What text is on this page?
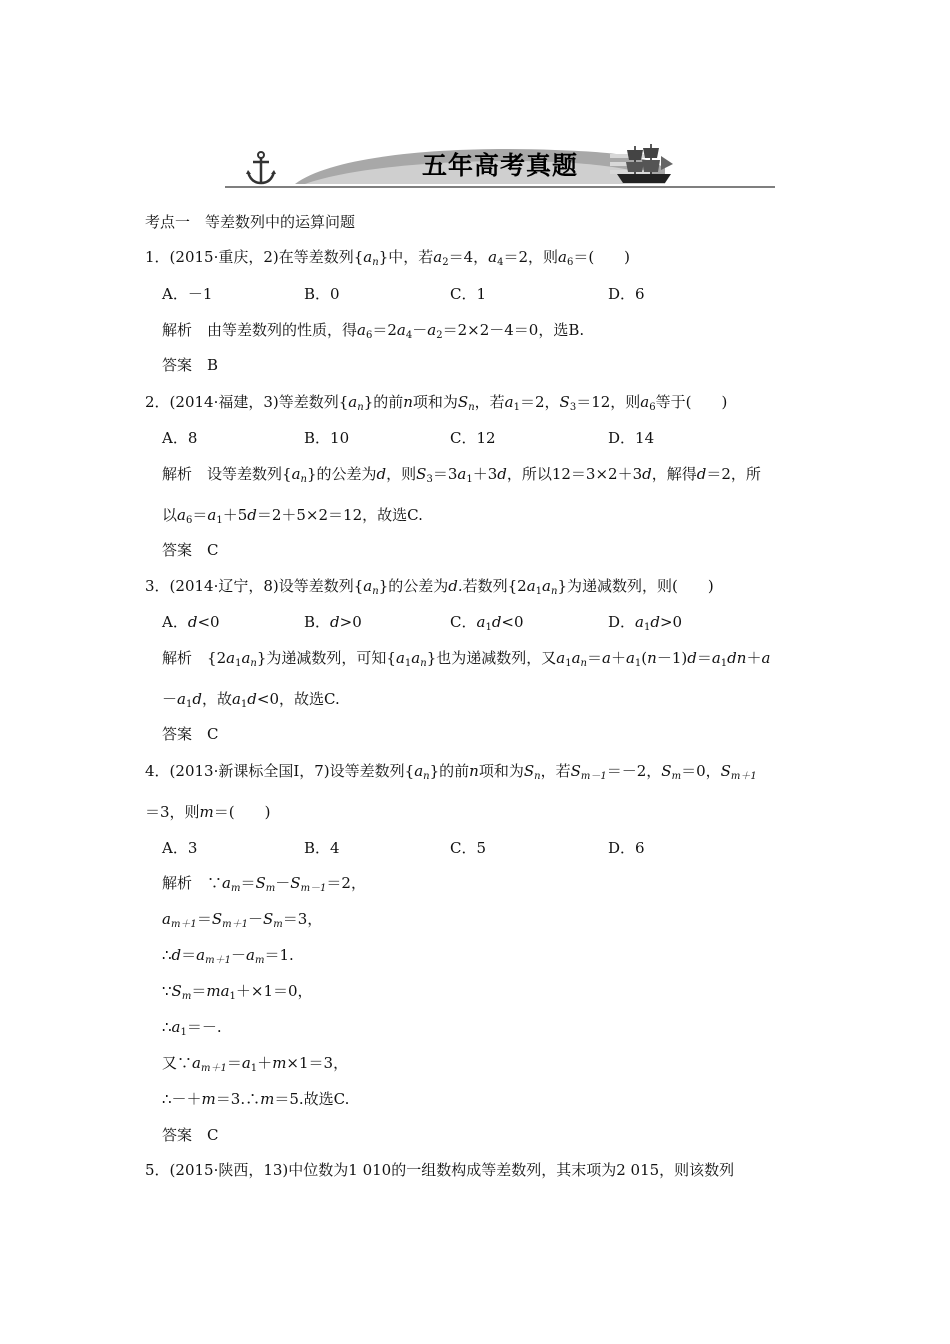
五年高考真题
考点一　等差数列中的运算问题
1．(2015·重庆，2)在等差数列$\{a_n\}$中，若$a_2=4$，$a_4=2$，则$a_6=$(　　)
A．－1	B．0	C．1	D．6
解析　 由等差数列的性质，得$a_6=2a_4-a_2=2\times 2-4=0$，选B.
答案　B
2．(2014·福建，3)等差数列$\{a_n\}$的前n项和为$S_n$，若$a_1=2$，$S_3=12$，则$a_6$等于(　　)
A．8	B．10	C．12	D．14
解析　 设等差数列$\{a_n\}$的公差为d，则$S_3=3a_1+3d$，所以12＝3×2＋3d，解得d＝2，所
以$a_6=a_1+5d=2+5\times 2=12$，故选C.
答案　C
3．(2014·辽宁，8)设等差数列$\{a_n\}$的公差为d.若数列$\{2a_1a_n\}$为递减数列，则(　　)
A．d<0	B．d>0	C．$a_1d<0$	D．$a_1d>0$
解析　 $\{2a_1a_n\}$为递减数列，可知$\{a_1a_n\}$也为递减数列，又$a_1a_n=a+a_1(n-1)d=a_1dn+a$
$-a_1d$，故$a_1d<0$，故选C.
答案　C
4．(2013·新课标全国Ⅰ，7)设等差数列$\{a_n\}$的前n项和为$S_n$，若$S_{m-1}=-2$，$S_m=0$，$S_{m+1}$
＝3，则m＝(　　)
A．3	B．4	C．5	D．6
解析　 $\because a_m=S_m-S_{m-1}=2$，
$a_{m+1}=S_{m+1}-S_m=3$，
$\therefore d=a_{m+1}-a_m=1$.
$\because S_m=ma_1+\times 1=0$，
$\therefore a_1=-$.
又$\because a_{m+1}=a_1+m\times 1=3$，
∴－＋m＝3.∴m＝5.故选C.
答案　C
5．(2015·陕西，13)中位数为1 010的一组数构成等差数列，其末项为2 015，则该数列
